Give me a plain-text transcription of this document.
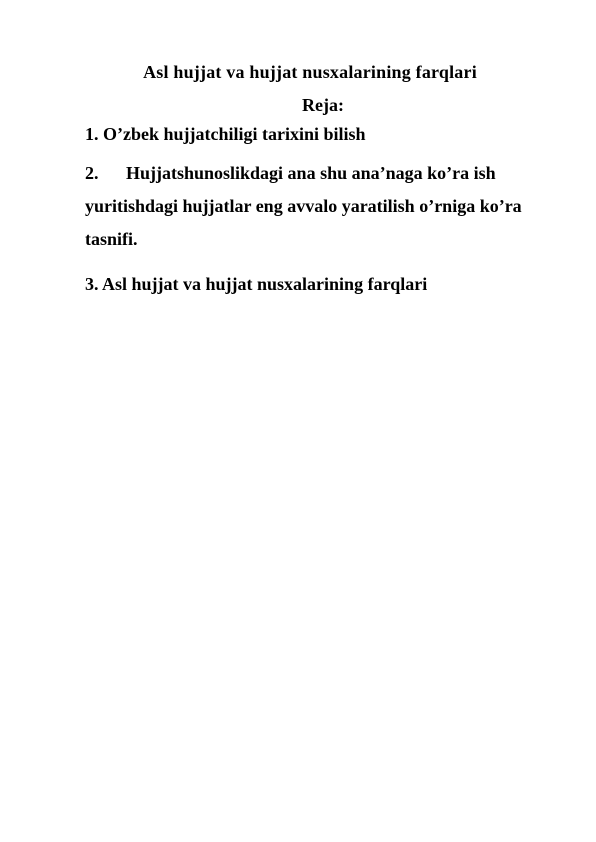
Asl hujjat va hujjat nusxalarining farqlari
Reja:
1. O’zbek hujjatchiligi tarixini bilish
2. Hujjatshunoslikdagi ana shu ana’naga ko’ra ish yuritishdagi hujjatlar eng avvalo yaratilish o’rniga ko’ra tasnifi.
3. Asl hujjat va hujjat nusxalarining farqlari
